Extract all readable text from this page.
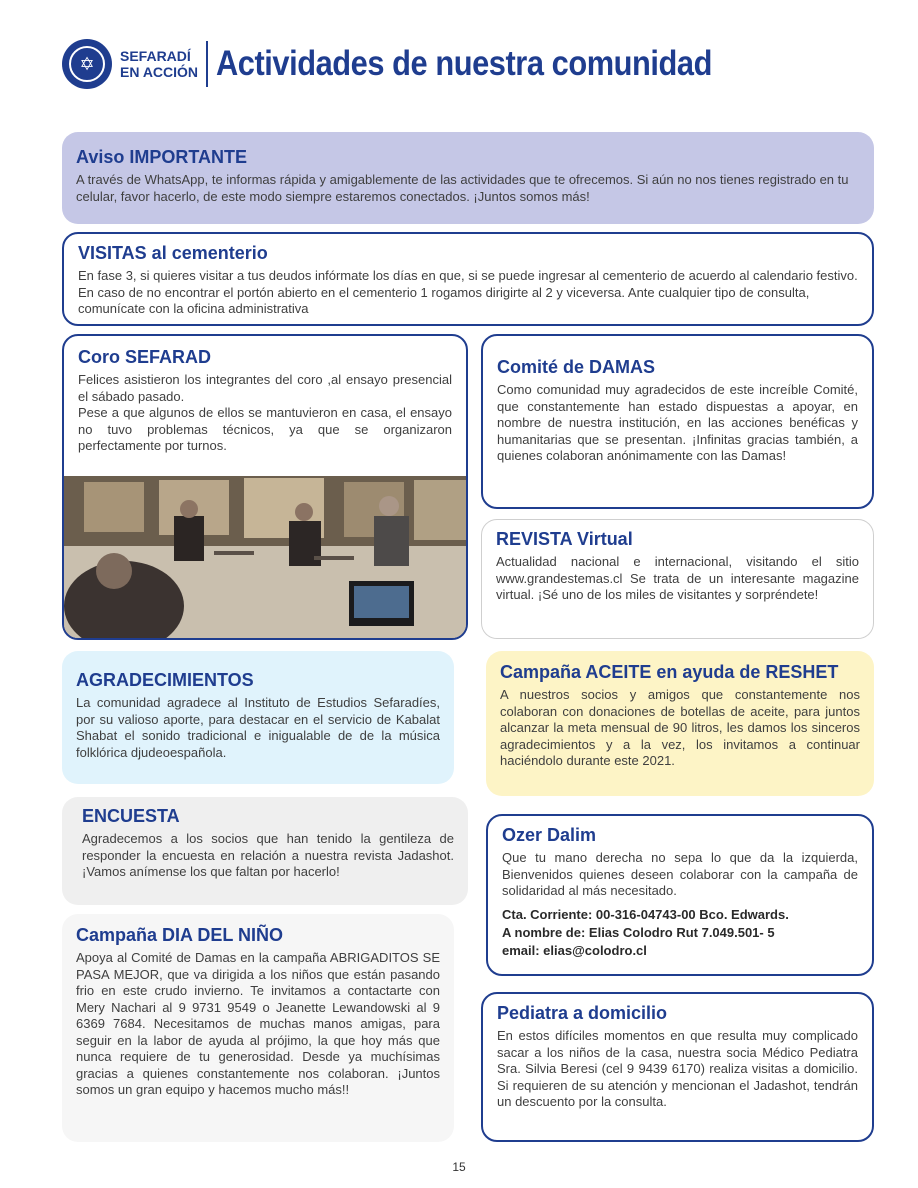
✡	SEFARADÍ
EN ACCIÓN Actividades de nuestra comunidad
Aviso IMPORTANTE

A través de WhatsApp, te informas rápida y amigablemente de las actividades que te ofrecemos. Si aún no nos tienes registrado en tu celular, favor hacerlo, de este modo siempre estaremos conectados. ¡Juntos somos más!

VISITAS al cementerio

En fase 3, si quieres visitar a tus deudos infórmate los días en que, si se puede ingresar al cementerio de acuerdo al calendario festivo. En caso de no encontrar el portón abierto en el cementerio 1 rogamos dirigirte al 2 y viceversa. Ante cualquier tipo de consulta, comunícate con la oficina administrativa

Coro SEFARAD

Felices asistieron los integrantes del coro ,al ensayo presencial el sábado pasado.

Pese a que algunos de ellos se mantuvieron en casa, el ensayo no tuvo problemas técnicos, ya que se organizaron perfectamente por turnos.

Comité de DAMAS

Como comunidad muy agradecidos de este increíble Comité, que constantemente han estado dispuestas a apoyar, en nombre de nuestra institución, en las acciones benéficas y humanitarias que se presentan. ¡Infinitas gracias también, a quienes colaboran anónimamente con las Damas!

REVISTA Virtual

Actualidad nacional e internacional, visitando el sitio www.grandestemas.cl Se trata de un interesante magazine virtual. ¡Sé uno de los miles de visitantes y sorpréndete!

AGRADECIMIENTOS

La comunidad agradece al Instituto de Estudios Sefaradíes, por su valioso aporte, para destacar en el servicio de Kabalat Shabat el sonido tradicional e inigualable de de la música folklórica djudeoespañola.

Campaña ACEITE en ayuda de RESHET

A nuestros socios y amigos que constantemente nos colaboran con donaciones de botellas de aceite, para juntos alcanzar la meta mensual de 90 litros, les damos los sinceros agradecimientos y a la vez, los invitamos a continuar haciéndolo durante este 2021.

ENCUESTA

Agradecemos a los socios que han tenido la gentileza de responder la encuesta en relación a nuestra revista Jadashot. ¡Vamos anímense los que faltan por hacerlo!

Ozer Dalim

Que tu mano derecha no sepa lo que da la izquierda, Bienvenidos quienes deseen colaborar con la campaña de solidaridad al más necesitado.

Cta. Corriente: 00-316-04743-00 Bco. Edwards.
A nombre de: Elias Colodro Rut 7.049.501- 5
email: elias@colodro.cl
Campaña DIA DEL NIÑO

Apoya al Comité de Damas en la campaña ABRIGADITOS SE PASA MEJOR, que va dirigida a los niños que están pasando frio en este crudo invierno. Te invitamos a contactarte con Mery Nachari al 9 9731 9549 o Jeanette Lewandowski al 9 6369 7684. Necesitamos de muchas manos amigas, para seguir en la labor de ayuda al prójimo, la que hoy más que nunca requiere de tu generosidad. Desde ya muchísimas gracias a quienes constantemente nos colaboran. ¡Juntos somos un gran equipo y hacemos mucho más!!

Pediatra a domicilio

En estos difíciles momentos en que resulta muy complicado sacar a los niños de la casa, nuestra socia Médico Pediatra Sra. Silvia Beresi (cel 9 9439 6170) realiza visitas a domicilio. Si requieren de su atención y mencionan el Jadashot, tendrán un descuento por la consulta.

15
